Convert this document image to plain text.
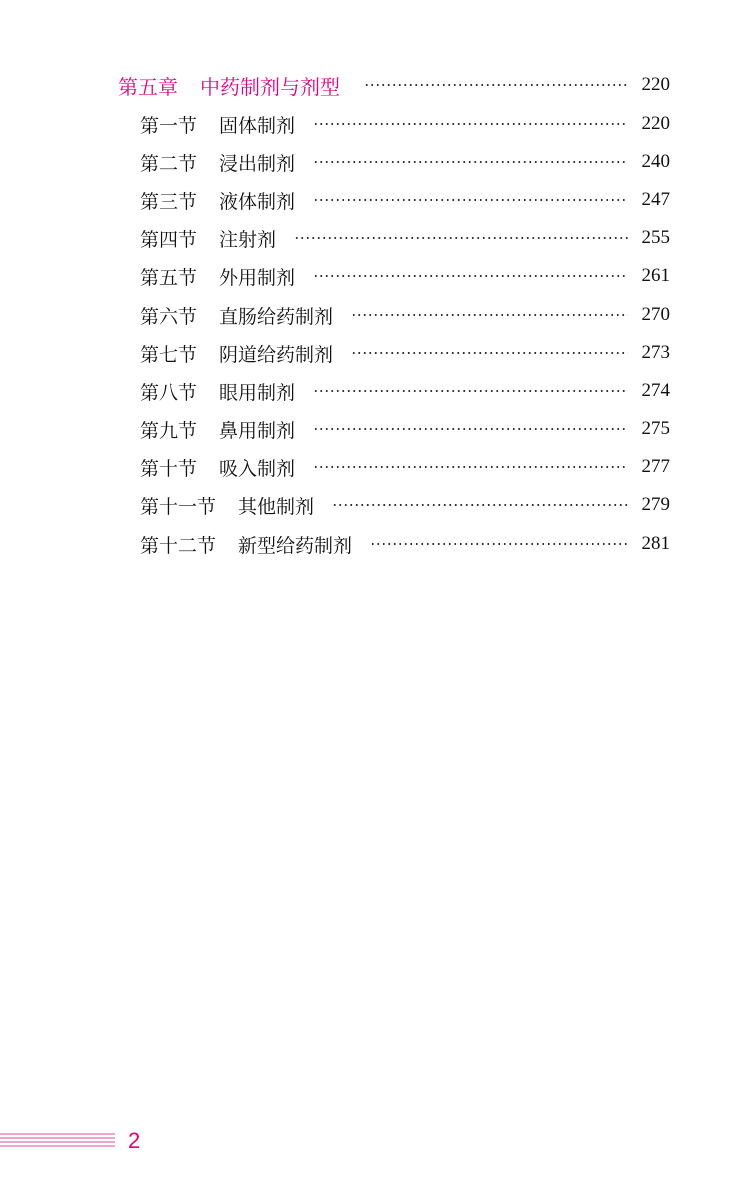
第五章 中药制剂与剂型	220
第一节 固体制剂	220
第二节 浸出制剂	240
第三节 液体制剂	247
第四节 注射剂	255
第五节 外用制剂	261
第六节 直肠给药制剂	270
第七节 阴道给药制剂	273
第八节 眼用制剂	274
第九节 鼻用制剂	275
第十节 吸入制剂	277
第十一节 其他制剂	279
第十二节 新型给药制剂	281
2
